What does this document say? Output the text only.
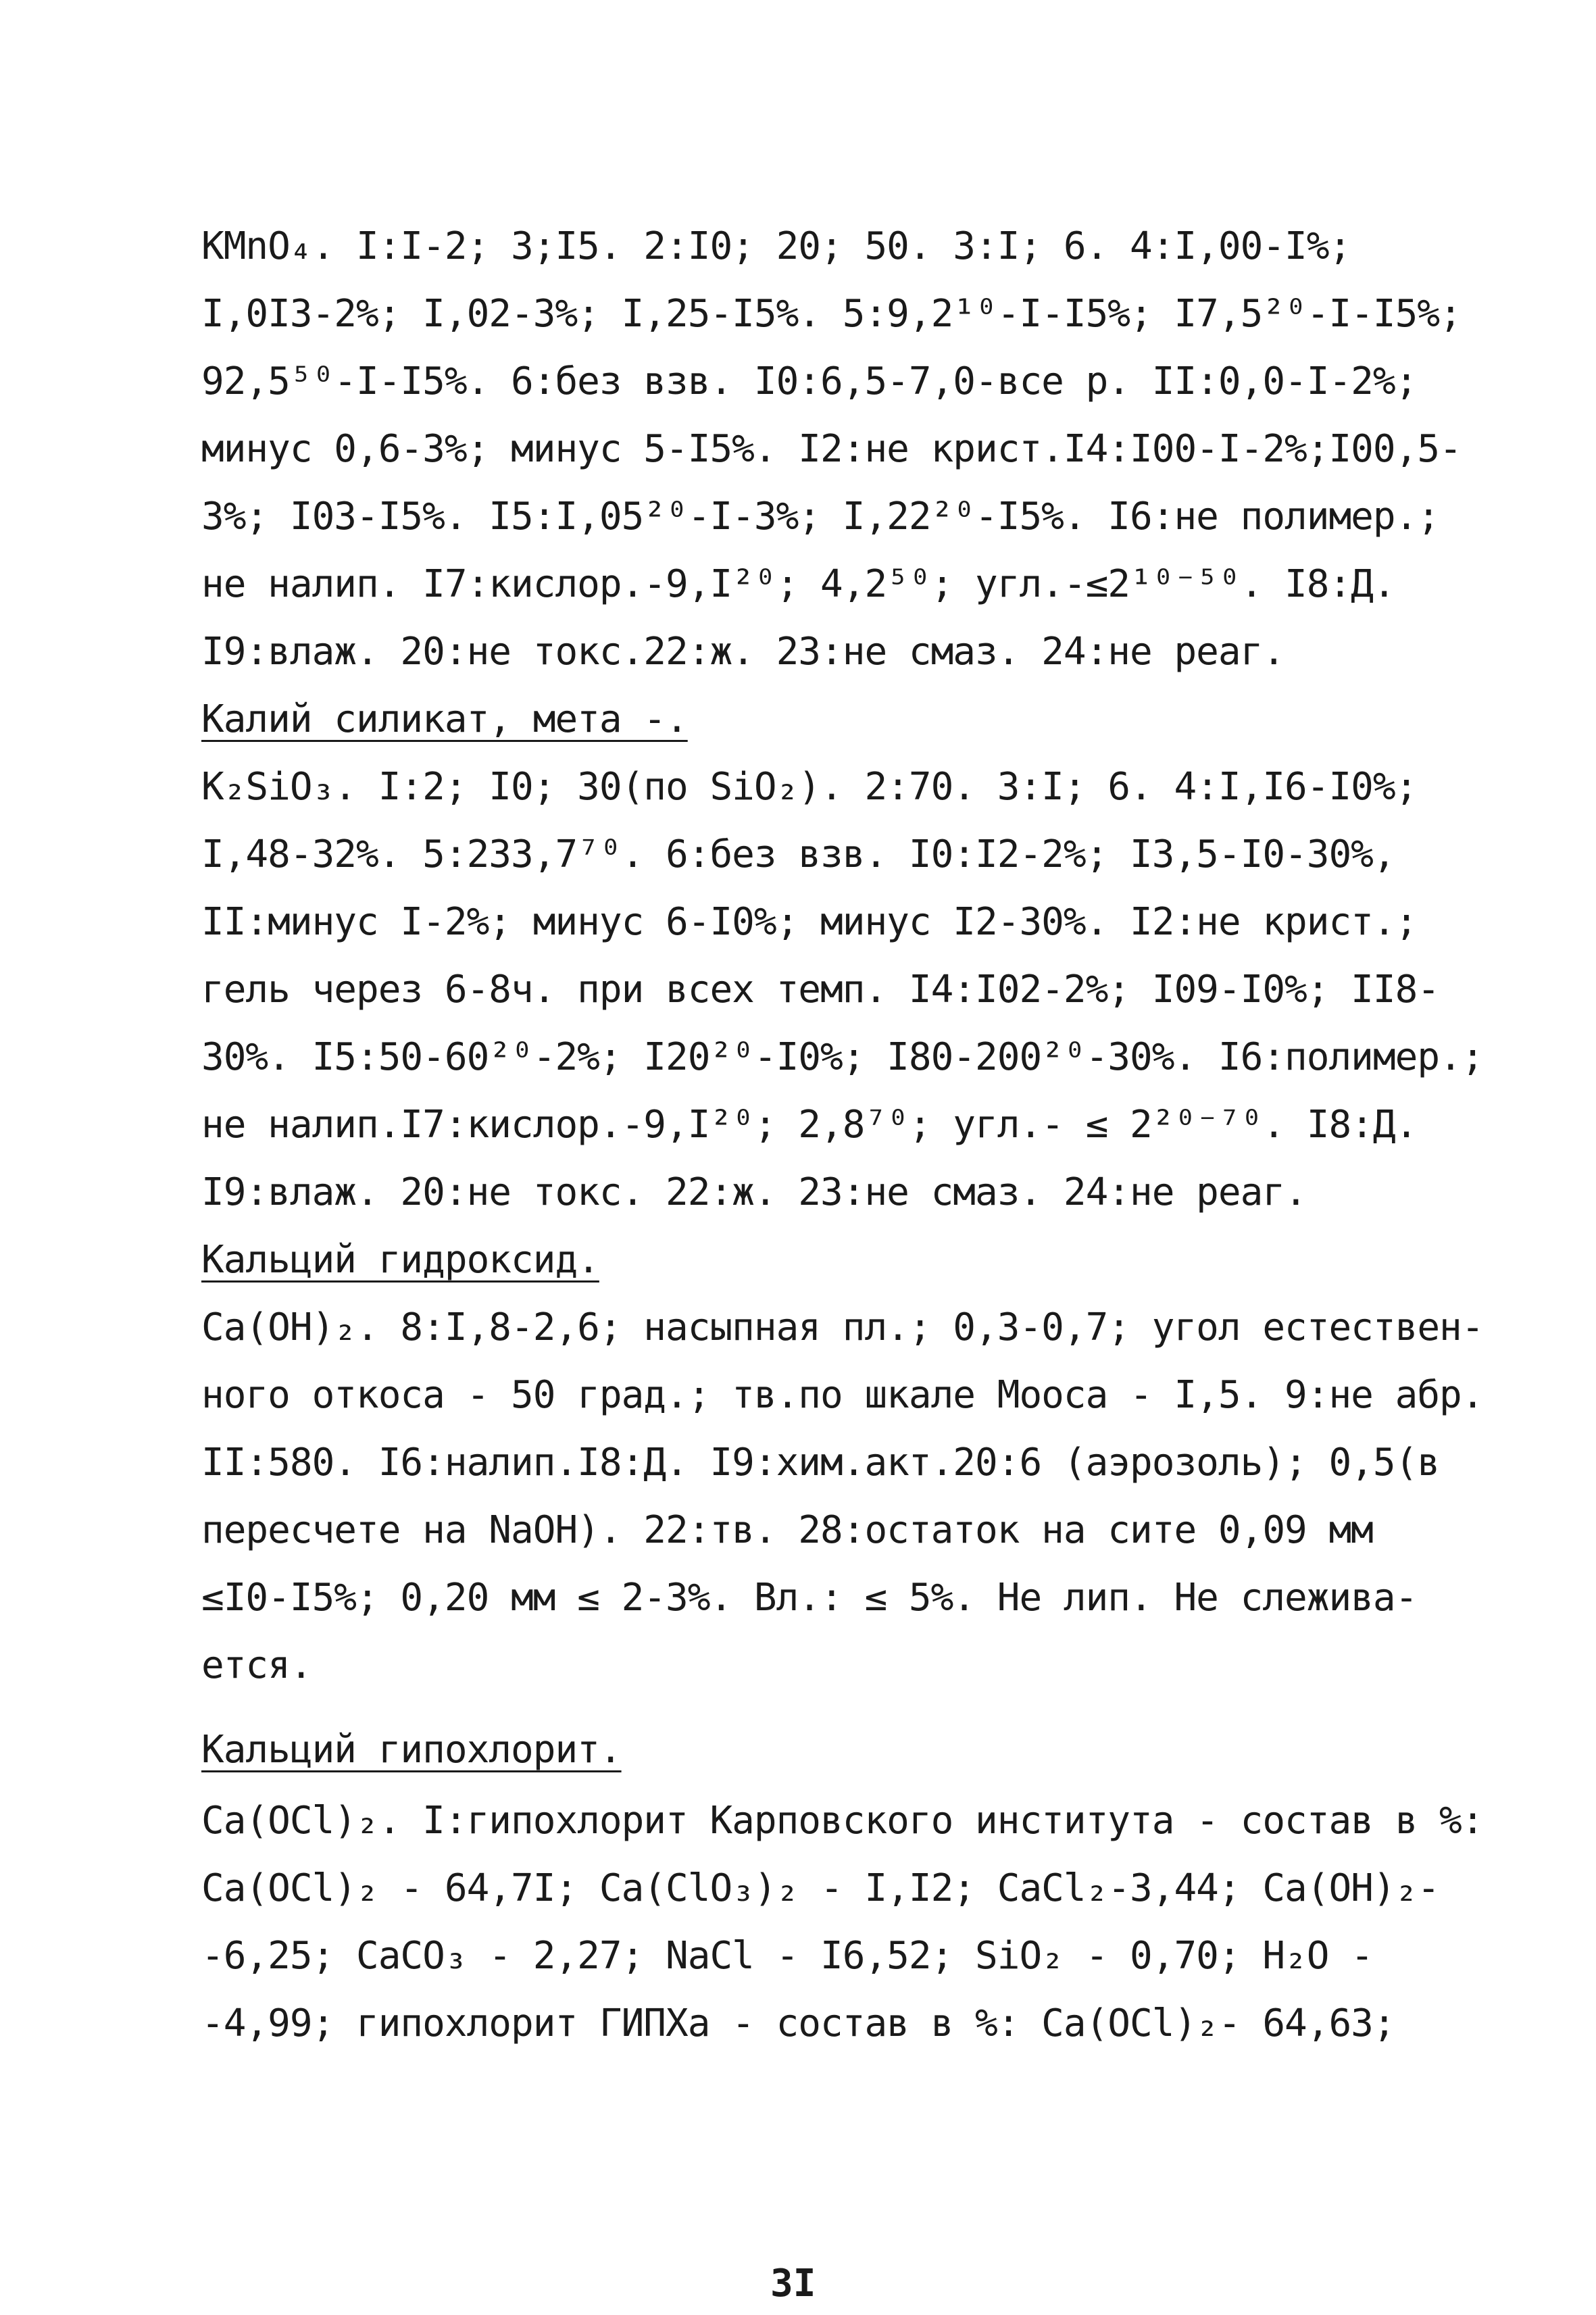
KMnO₄. I:I-2; 3;I5. 2:I0; 20; 50. 3:I; 6. 4:I,00-I%;
I,0I3-2%; I,02-3%; I,25-I5%. 5:9,2¹⁰-I-I5%; I7,5²⁰-I-I5%;
92,5⁵⁰-I-I5%. 6:без взв. I0:6,5-7,0-все р. II:0,0-I-2%;
минус 0,6-3%; минус 5-I5%. I2:не крист.I4:I00-I-2%;I00,5-
3%; I03-I5%. I5:I,05²⁰-I-3%; I,22²⁰-I5%. I6:не полимер.;
не налип. I7:кислор.-9,I²⁰; 4,2⁵⁰; угл.-≤2¹⁰⁻⁵⁰. I8:Д.
I9:влаж. 20:не токс.22:ж. 23:не смаз. 24:не реаг.
Калий силикат, мета -.
K₂SiO₃. I:2; I0; 30(по SiO₂). 2:70. 3:I; 6. 4:I,I6-I0%;
I,48-32%. 5:233,7⁷⁰. 6:без взв. I0:I2-2%; I3,5-I0-30%,
II:минус I-2%; минус 6-I0%; минус I2-30%. I2:не крист.;
гель через 6-8ч. при всех темп. I4:I02-2%; I09-I0%; II8-
30%. I5:50-60²⁰-2%; I20²⁰-I0%; I80-200²⁰-30%. I6:полимер.;
не налип.I7:кислор.-9,I²⁰; 2,8⁷⁰; угл.- ≤ 2²⁰⁻⁷⁰. I8:Д.
I9:влаж. 20:не токс. 22:ж. 23:не смаз. 24:не реаг.
Кальций гидроксид.
Ca(OH)₂. 8:I,8-2,6; насыпная пл.; 0,3-0,7; угол естествен-
ного откоса - 50 град.; тв.по шкале Мооса - I,5. 9:не абр.
II:580. I6:налип.I8:Д. I9:хим.акт.20:6 (аэрозоль); 0,5(в
пересчете на NaOH). 22:тв. 28:остаток на сите 0,09 мм
≤I0-I5%; 0,20 мм ≤ 2-3%. Вл.: ≤ 5%. Не лип. Не слежива-
ется.
Кальций гипохлорит.
Ca(OCl)₂. I:гипохлорит Карповского института - состав в %:
Ca(OCl)₂ - 64,7I; Ca(ClO₃)₂ - I,I2; CaCl₂-3,44; Ca(OH)₂-
-6,25; CaCO₃ - 2,27; NaCl - I6,52; SiO₂ - 0,70; H₂O -
-4,99; гипохлорит ГИПХа - состав в %: Ca(OCl)₂- 64,63;
3I
